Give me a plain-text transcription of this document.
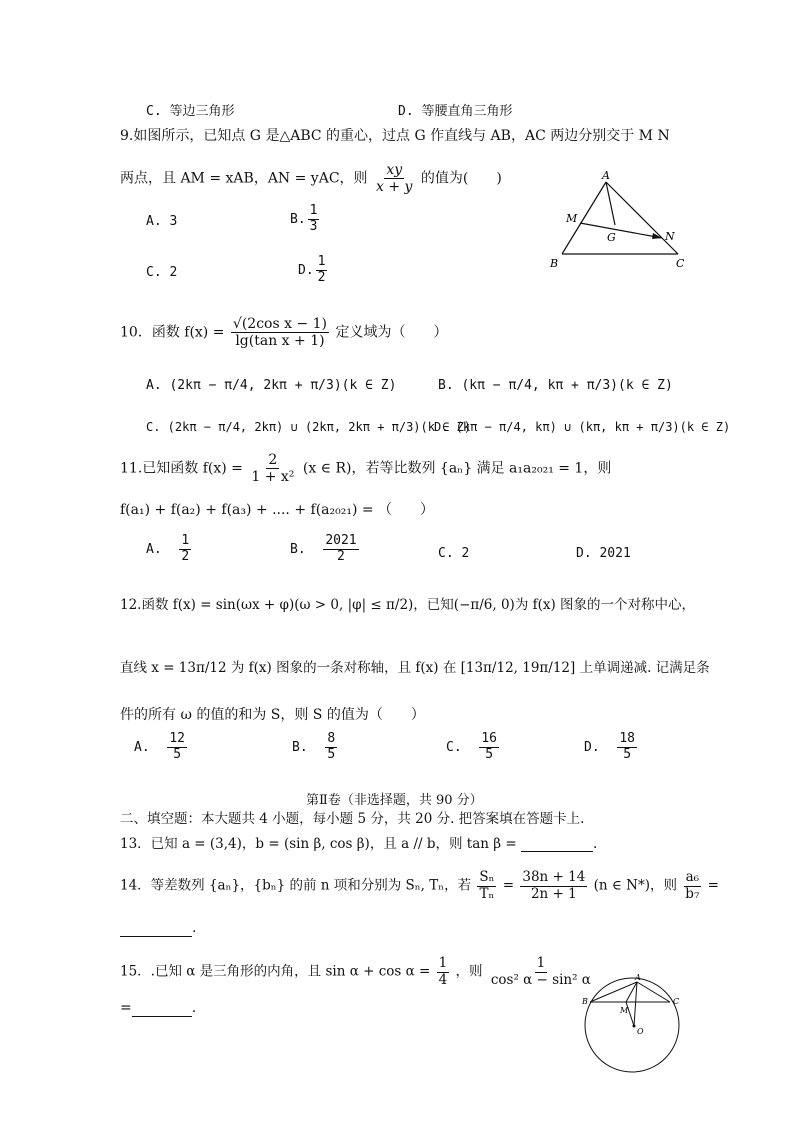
C. 等边三角形	D. 等腰直角三角形
9.如图所示，已知点 G 是△ABC 的重心，过点 G 作直线与 AB，AC 两边分别交于 M N
两点，且 AM = xAB，AN = yAC，则 $\frac{xy}{x + y}$ 的值为(　　)
A. 3	B. $\frac{1}{3}$
C. 2	D. $\frac{1}{2}$
A
M
G	N
B	C
10．函数 $f(x) = \frac{\text{√(2cos x − 1)}}{\text{lg(tan x + 1)}}$ 定义域为（　　）
A. (2kπ − π/4, 2kπ + π/3)(k ∈ Z)	B. (kπ − π/4, kπ + π/3)(k ∈ Z)
C. (2kπ − π/4, 2kπ) ∪ (2kπ, 2kπ + π/3)(k ∈ Z)
D. (kπ − π/4, kπ) ∪ (kπ, kπ + π/3)(k ∈ Z)
11.已知函数 $f(x) = \frac{2}{\text{1 + x²}} (x$ ∈ R)，若等比数列 {aₙ} 满足 a₁a₂₀₂₁ = 1，则
f(a₁) + f(a₂) + f(a₃) + .... + f(a₂₀₂₁) = （　　）
A. $\frac{1}{2}$	B. $\frac{2021}{2}$	C. 2	D. 2021
12.函数 f(x) = sin(ωx + φ)(ω > 0, |φ| ≤ π/2)，已知(−π/6, 0)为 f(x) 图象的一个对称中心，
直线 x = 13π/12 为 f(x) 图象的一条对称轴，且 f(x) 在 [13π/12, 19π/12] 上单调递减. 记满足条
件的所有 ω 的值的和为 S，则 S 的值为（　　）
A. $\frac{12}{5}$	B. $\frac{8}{5}$	C. $\frac{16}{5}$	D. $\frac{18}{5}$
第Ⅱ卷（非选择题，共 90 分）
二、填空题：本大题共 4 小题，每小题 5 分，共 20 分. 把答案填在答题卡上.
13．已知 a = (3,4)，b = (sin β, cos β)，且 a // b，则 tan β =	.
14．等差数列 {aₙ}，{bₙ} 的前 n 项和分别为 Sₙ, Tₙ，若 $\frac{\text{Sₙ}}{\text{Tₙ}} = \frac{38n + 14}{2n + 1} (n$ ∈ N*)，则 $\frac{\text{a₆}}{\text{b₇}}$ =
.
15．.已知 α 是三角形的内角，且 $\sin \alpha + \cos \alpha = \frac{1}{4}$ ，则 $\frac{1}{\text{cos² α − sin² α}}$
=	.
A
B	C
M
O
